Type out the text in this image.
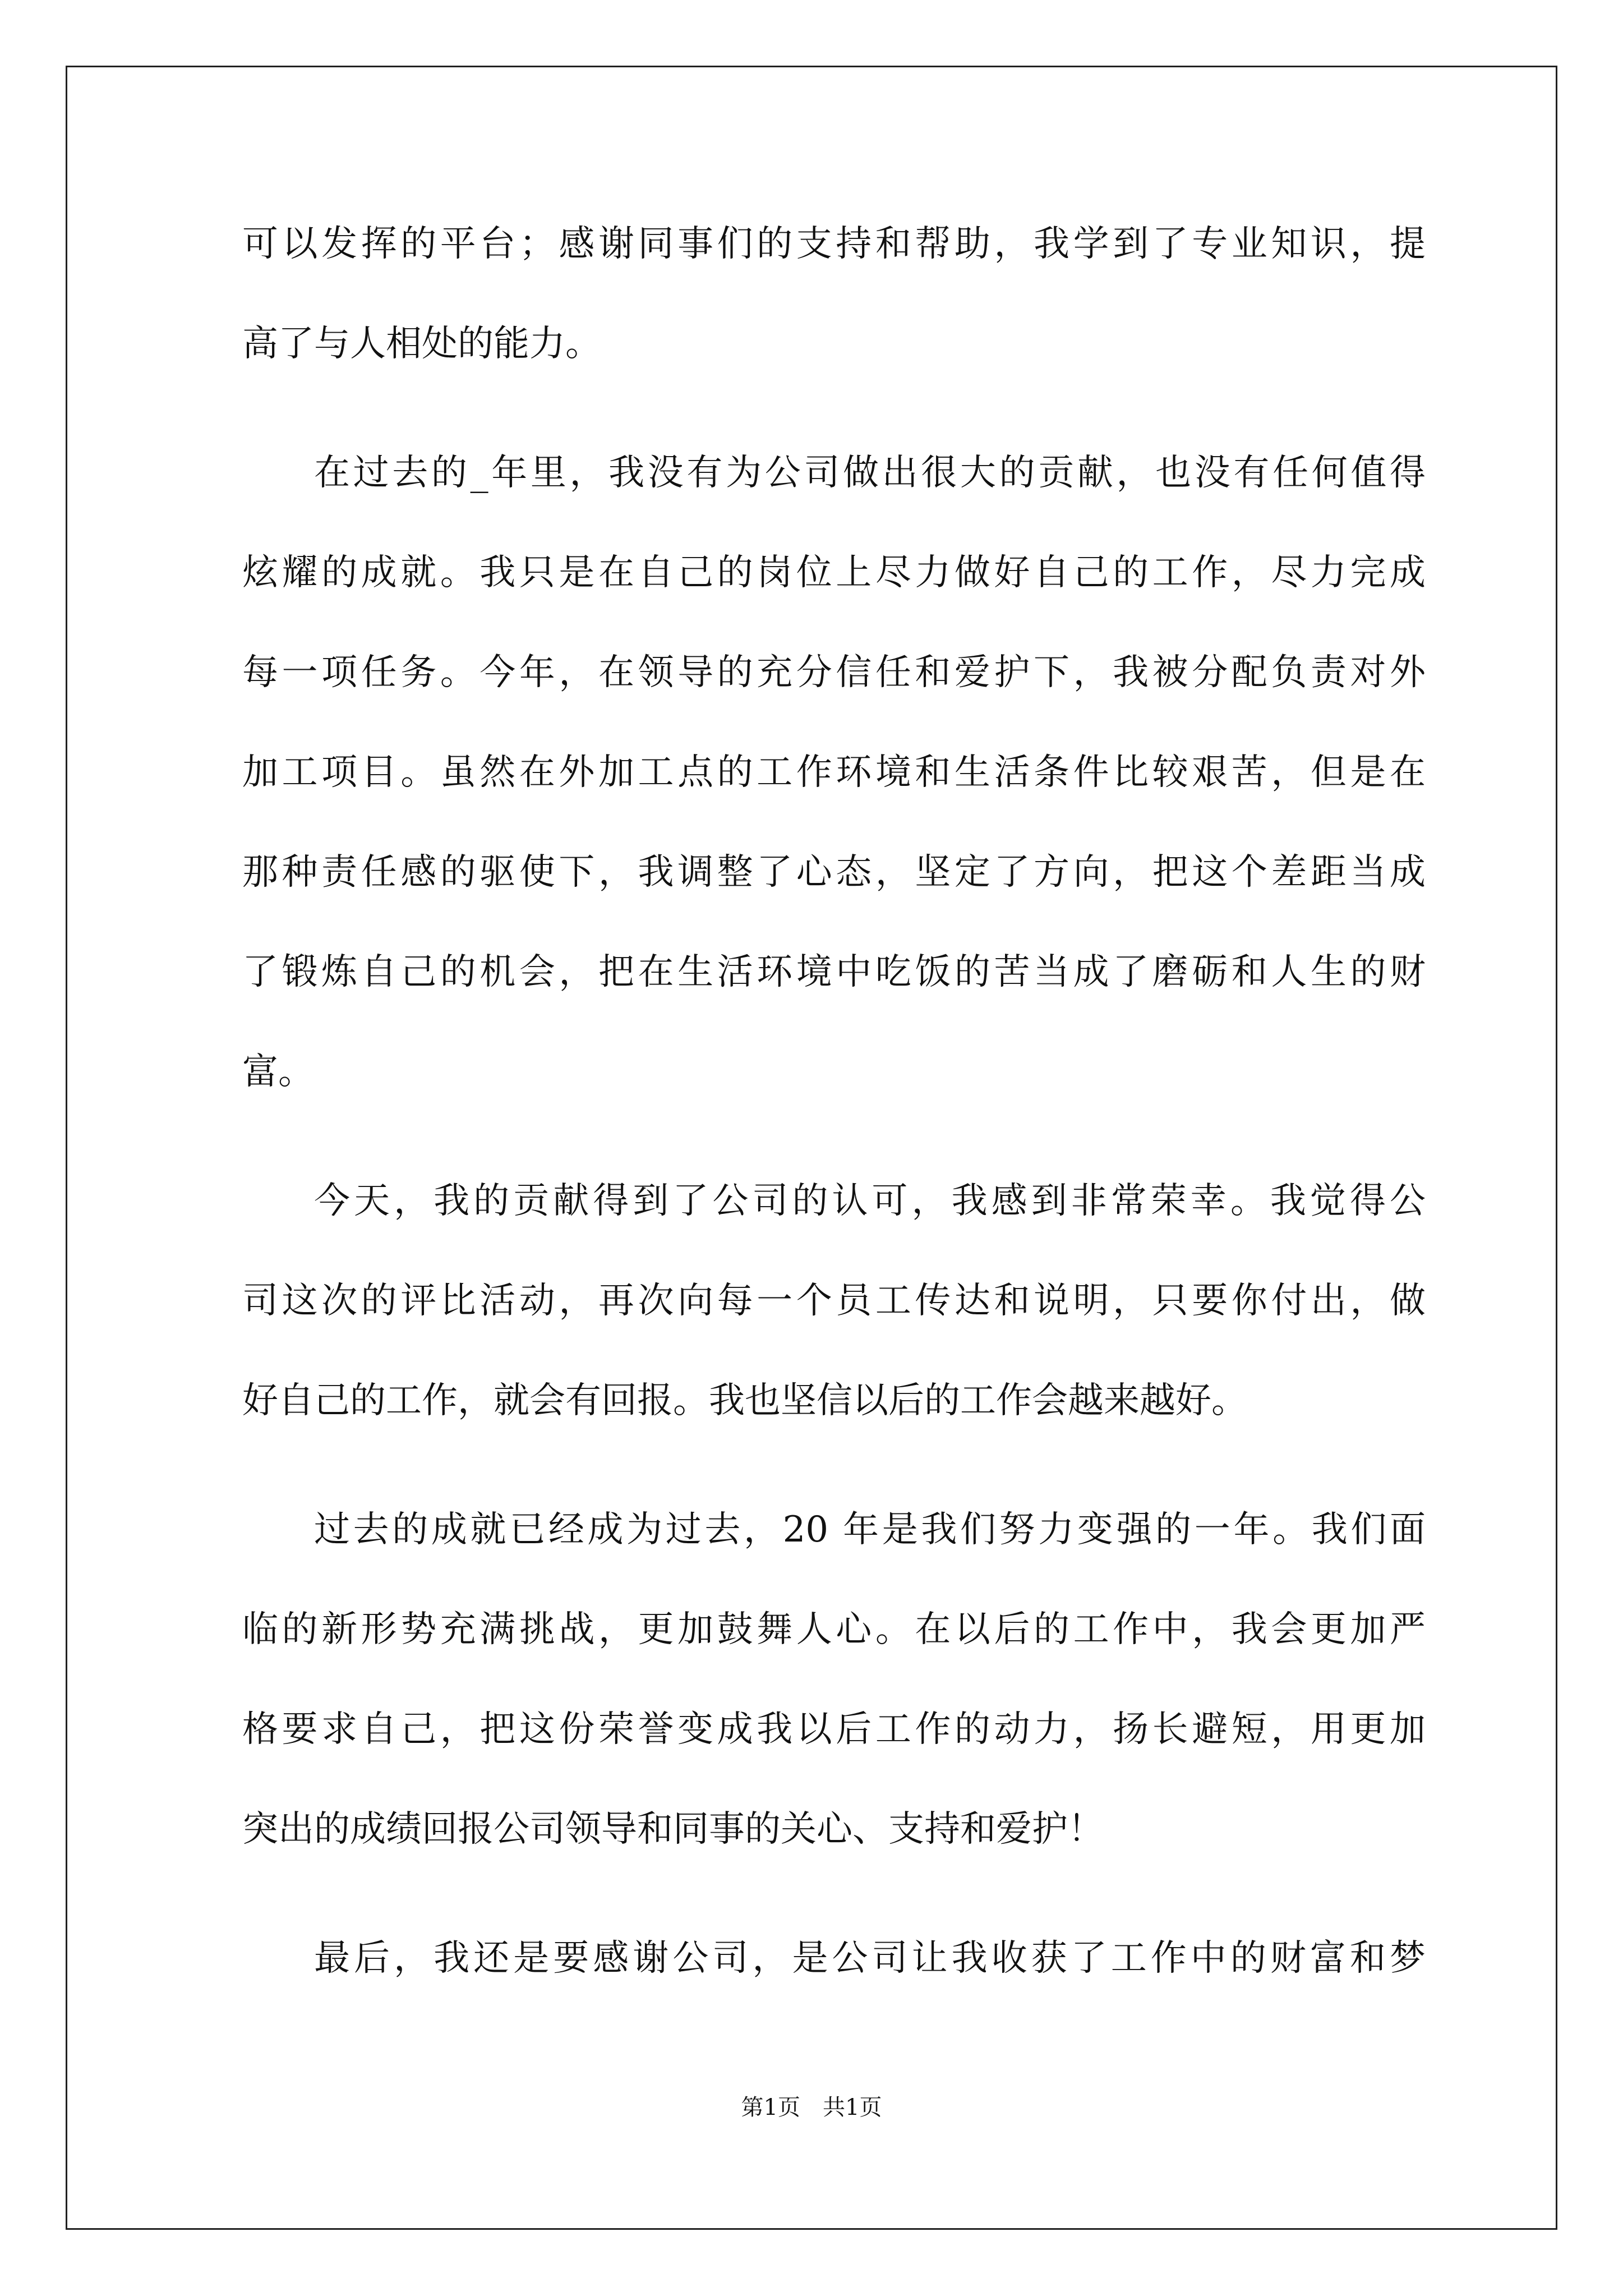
可以发挥的平台；感谢同事们的支持和帮助，我学到了专业知识，提
高了与人相处的能力。
在过去的_年里，我没有为公司做出很大的贡献，也没有任何值得
炫耀的成就。我只是在自己的岗位上尽力做好自己的工作，尽力完成
每一项任务。今年，在领导的充分信任和爱护下，我被分配负责对外
加工项目。虽然在外加工点的工作环境和生活条件比较艰苦，但是在
那种责任感的驱使下，我调整了心态，坚定了方向，把这个差距当成
了锻炼自己的机会，把在生活环境中吃饭的苦当成了磨砺和人生的财
富。
今天，我的贡献得到了公司的认可，我感到非常荣幸。我觉得公
司这次的评比活动，再次向每一个员工传达和说明，只要你付出，做
好自己的工作，就会有回报。我也坚信以后的工作会越来越好。
过去的成就已经成为过去，20 年是我们努力变强的一年。我们面
临的新形势充满挑战，更加鼓舞人心。在以后的工作中，我会更加严
格要求自己，把这份荣誉变成我以后工作的动力，扬长避短，用更加
突出的成绩回报公司领导和同事的关心、支持和爱护！
最后，我还是要感谢公司，是公司让我收获了工作中的财富和梦
第1页　共1页
